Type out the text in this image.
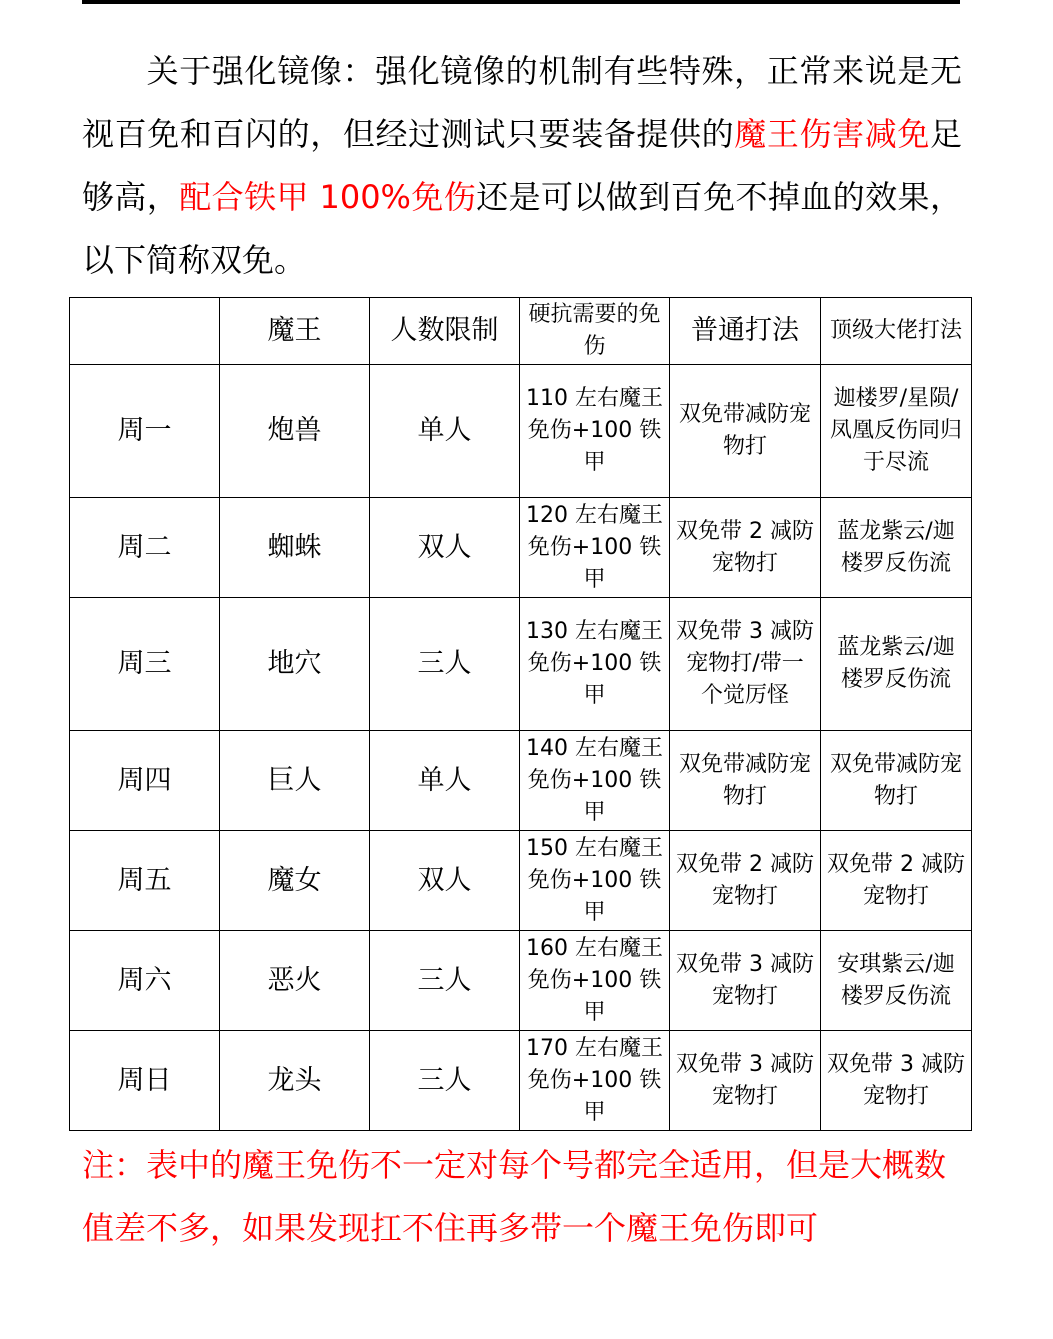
关于强化镜像：强化镜像的机制有些特殊，正常来说是无视百免和百闪的，但经过测试只要装备提供的魔王伤害减免足够高，配合铁甲 100%免伤还是可以做到百免不掉血的效果，以下简称双免。

	魔王	人数限制	硬抗需要的免伤	普通打法	顶级大佬打法
周一	炮兽	单人	110 左右魔王免伤+100 铁甲	双免带减防宠物打	迦楼罗/星陨/凤凰反伤同归于尽流
周二	蜘蛛	双人	120 左右魔王免伤+100 铁甲	双免带 2 减防宠物打	蓝龙紫云/迦楼罗反伤流
周三	地穴	三人	130 左右魔王免伤+100 铁甲	双免带 3 减防宠物打/带一个觉厉怪	蓝龙紫云/迦楼罗反伤流
周四	巨人	单人	140 左右魔王免伤+100 铁甲	双免带减防宠物打	双免带减防宠物打
周五	魔女	双人	150 左右魔王免伤+100 铁甲	双免带 2 减防宠物打	双免带 2 减防宠物打
周六	恶火	三人	160 左右魔王免伤+100 铁甲	双免带 3 减防宠物打	安琪紫云/迦楼罗反伤流
周日	龙头	三人	170 左右魔王免伤+100 铁甲	双免带 3 减防宠物打	双免带 3 减防宠物打

注：表中的魔王免伤不一定对每个号都完全适用，但是大概数值差不多，如果发现扛不住再多带一个魔王免伤即可
